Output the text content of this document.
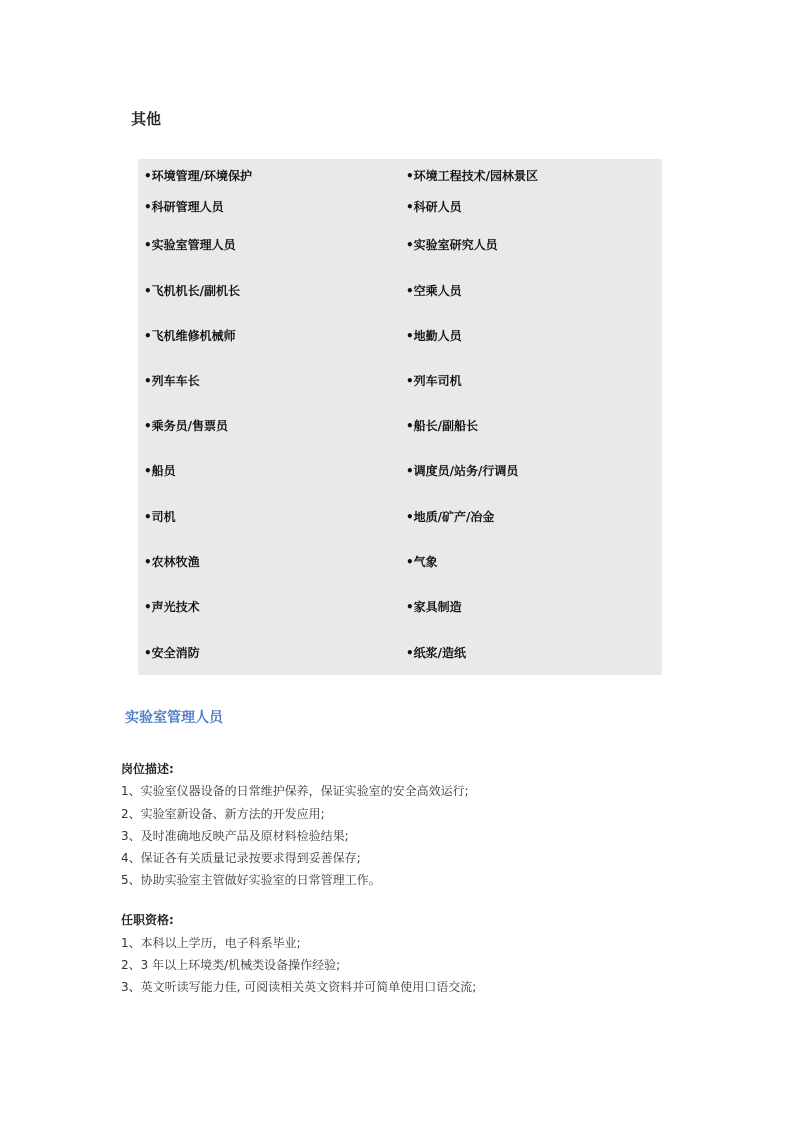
其他
•环境管理/环境保护
•科研管理人员
•实验室管理人员
•飞机机长/副机长
•飞机维修机械师
•列车车长
•乘务员/售票员
•船员
•司机
•农林牧渔
•声光技术
•安全消防
•环境工程技术/园林景区
•科研人员
•实验室研究人员
•空乘人员
•地勤人员
•列车司机
•船长/副船长
•调度员/站务/行调员
•地质/矿产/冶金
•气象
•家具制造
•纸浆/造纸
实验室管理人员
岗位描述:
1、实验室仪器设备的日常维护保养，保证实验室的安全高效运行;
2、实验室新设备、新方法的开发应用;
3、及时准确地反映产品及原材料检验结果;
4、保证各有关质量记录按要求得到妥善保存;
5、协助实验室主管做好实验室的日常管理工作。
任职资格:
1、本科以上学历，电子科系毕业;
2、3 年以上环境类/机械类设备操作经验;
3、英文听读写能力佳, 可阅读相关英文资料并可简单使用口语交流;
